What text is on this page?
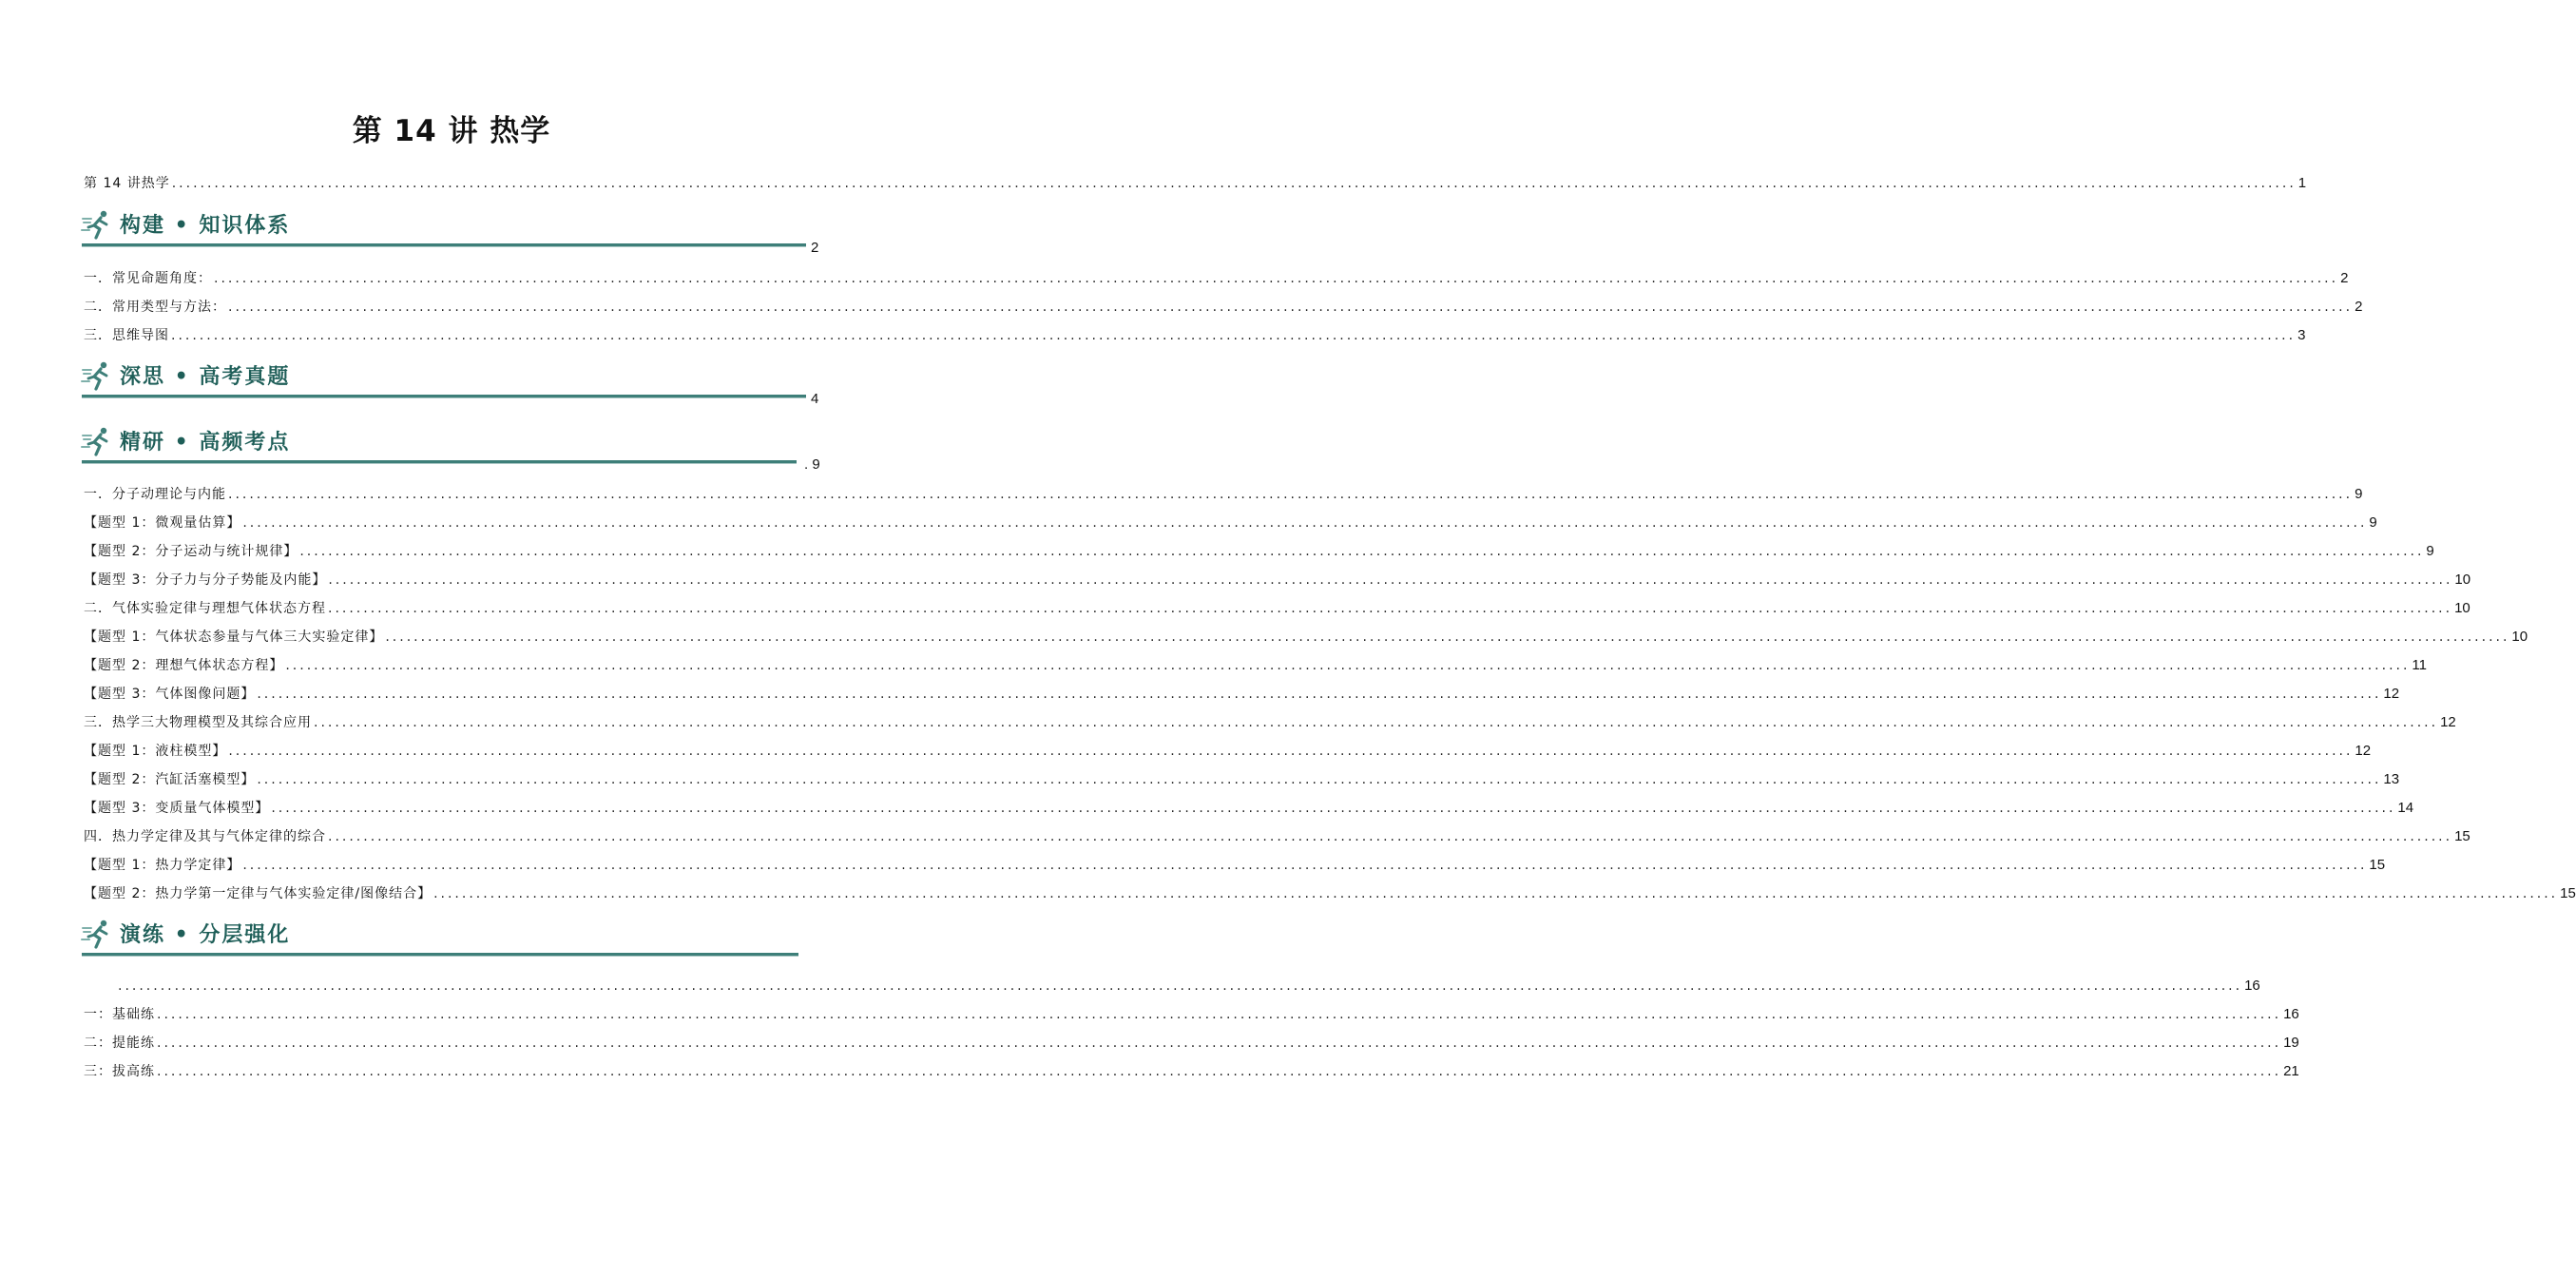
第 14 讲 热学
第 14 讲热学 ............................................................................................................................................................................................................................................................................................................ 1
构建 • 知识体系
2
一．常见命题角度： ............................................................................................................................................................................................................................................................................................................ 2
二．常用类型与方法： ............................................................................................................................................................................................................................................................................................................ 2
三．思维导图 ............................................................................................................................................................................................................................................................................................................ 3
深思 • 高考真题
4
精研 • 高频考点
. 9
一．分子动理论与内能 ............................................................................................................................................................................................................................................................................................................ 9
【题型 1：微观量估算】 ............................................................................................................................................................................................................................................................................................................ 9
【题型 2：分子运动与统计规律】 ............................................................................................................................................................................................................................................................................................................ 9
【题型 3：分子力与分子势能及内能】 ............................................................................................................................................................................................................................................................................................................ 10
二．气体实验定律与理想气体状态方程 ............................................................................................................................................................................................................................................................................................................ 10
【题型 1：气体状态参量与气体三大实验定律】 ............................................................................................................................................................................................................................................................................................................ 10
【题型 2：理想气体状态方程】 ............................................................................................................................................................................................................................................................................................................ 11
【题型 3：气体图像问题】 ............................................................................................................................................................................................................................................................................................................ 12
三．热学三大物理模型及其综合应用 ............................................................................................................................................................................................................................................................................................................ 12
【题型 1：液柱模型】 ............................................................................................................................................................................................................................................................................................................ 12
【题型 2：汽缸活塞模型】 ............................................................................................................................................................................................................................................................................................................ 13
【题型 3：变质量气体模型】 ............................................................................................................................................................................................................................................................................................................ 14
四．热力学定律及其与气体定律的综合 ............................................................................................................................................................................................................................................................................................................ 15
【题型 1：热力学定律】 ............................................................................................................................................................................................................................................................................................................ 15
【题型 2：热力学第一定律与气体实验定律/图像结合】 ............................................................................................................................................................................................................................................................................................................ 15
演练 • 分层强化
............................................................................................................................................................................................................................................................................................................ 16
一：基础练 ............................................................................................................................................................................................................................................................................................................ 16
二：提能练 ............................................................................................................................................................................................................................................................................................................ 19
三：拔高练 ............................................................................................................................................................................................................................................................................................................ 21
